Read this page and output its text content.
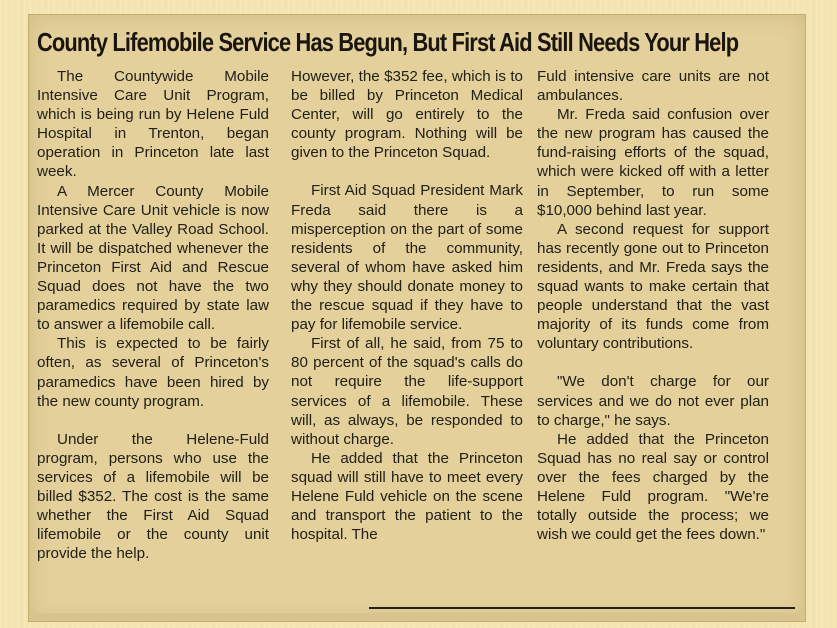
County Lifemobile Service Has Begun, But First Aid Still Needs Your Help

The Countywide Mobile Intensive Care Unit Program, which is being run by Helene Fuld Hospital in Trenton, began operation in Princeton late last week.

A Mercer County Mobile Intensive Care Unit vehicle is now parked at the Valley Road School. It will be dispatched whenever the Princeton First Aid and Rescue Squad does not have the two paramedics required by state law to answer a lifemobile call.

This is expected to be fairly often, as several of Princeton's paramedics have been hired by the new county program.

Under the Helene-Fuld program, persons who use the services of a lifemobile will be billed $352. The cost is the same whether the First Aid Squad lifemobile or the county unit provide the help.

However, the $352 fee, which is to be billed by Princeton Medical Center, will go entirely to the county program. Nothing will be given to the Princeton Squad.

First Aid Squad President Mark Freda said there is a misperception on the part of some residents of the community, several of whom have asked him why they should donate money to the rescue squad if they have to pay for lifemobile service.

First of all, he said, from 75 to 80 percent of the squad's calls do not require the life-support services of a lifemobile. These will, as always, be responded to without charge.

He added that the Princeton squad will still have to meet every Helene Fuld vehicle on the scene and transport the patient to the hospital. The

Fuld intensive care units are not ambulances.

Mr. Freda said confusion over the new program has caused the fund-raising efforts of the squad, which were kicked off with a letter in September, to run some $10,000 behind last year.

A second request for support has recently gone out to Princeton residents, and Mr. Freda says the squad wants to make certain that people understand that the vast majority of its funds come from voluntary contributions.

"We don't charge for our services and we do not ever plan to charge," he says.

He added that the Princeton Squad has no real say or control over the fees charged by the Helene Fuld program. "We're totally outside the process; we wish we could get the fees down."
